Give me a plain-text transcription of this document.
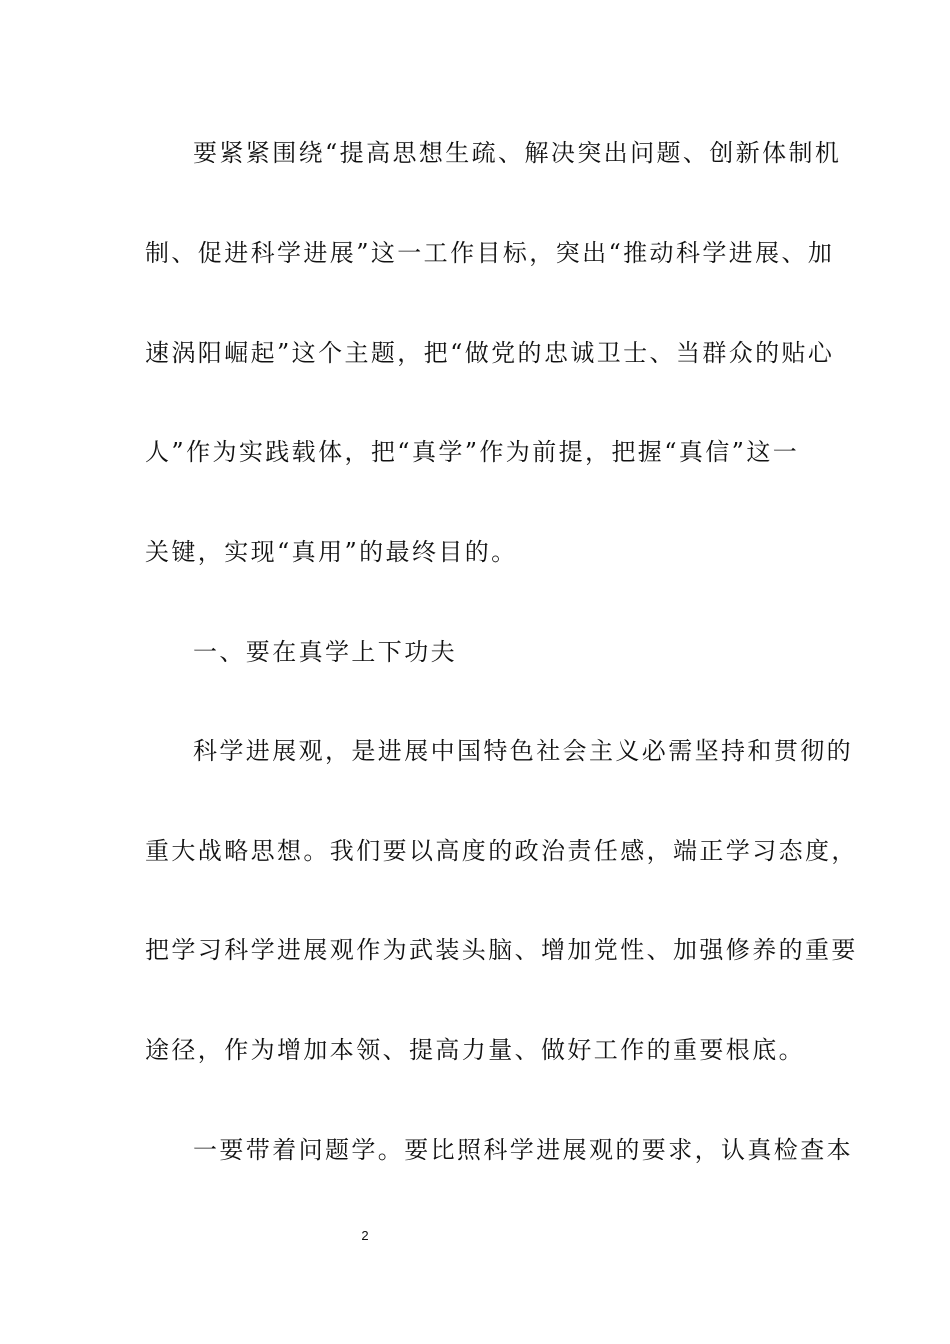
要紧紧围绕“提高思想生疏、解决突出问题、创新体制机
制、促进科学进展”这一工作目标，突出“推动科学进展、加
速涡阳崛起”这个主题，把“做党的忠诚卫士、当群众的贴心
人”作为实践载体，把“真学”作为前提，把握“真信”这一
关键，实现“真用”的最终目的。
一、要在真学上下功夫
科学进展观，是进展中国特色社会主义必需坚持和贯彻的
重大战略思想。我们要以高度的政治责任感，端正学习态度，
把学习科学进展观作为武装头脑、增加党性、加强修养的重要
途径，作为增加本领、提高力量、做好工作的重要根底。
一要带着问题学。要比照科学进展观的要求，认真检查本
2
